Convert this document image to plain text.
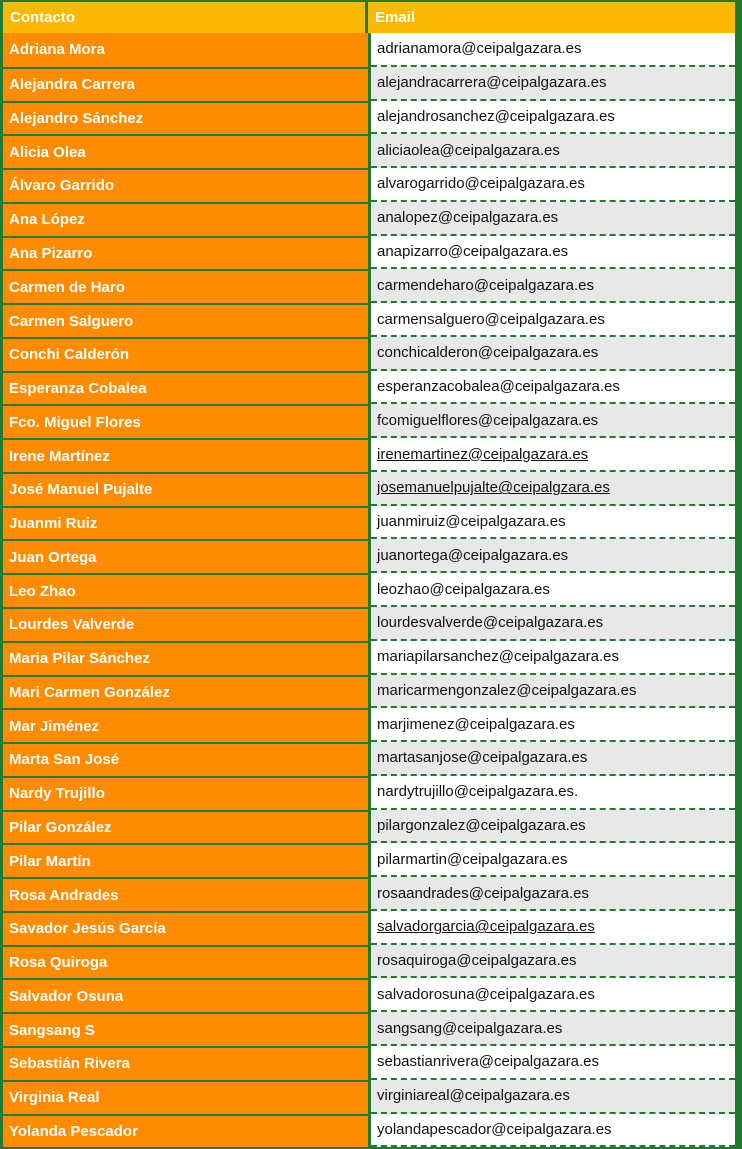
Contacto	Email
Adriana Mora	adrianamora@ceipalgazara.es
Alejandra Carrera	alejandracarrera@ceipalgazara.es
Alejandro Sánchez	alejandrosanchez@ceipalgazara.es
Alicia Olea	aliciaolea@ceipalgazara.es
Álvaro Garrido	alvarogarrido@ceipalgazara.es
Ana López	analopez@ceipalgazara.es
Ana Pizarro	anapizarro@ceipalgazara.es
Carmen de Haro	carmendeharo@ceipalgazara.es
Carmen Salguero	carmensalguero@ceipalgazara.es
Conchi Calderón	conchicalderon@ceipalgazara.es
Esperanza Cobalea	esperanzacobalea@ceipalgazara.es
Fco. Miguel Flores	fcomiguelflores@ceipalgazara.es
Irene Martínez	irenemartinez@ceipalgazara.es
José Manuel Pujalte	josemanuelpujalte@ceipalgzara.es
Juanmi Ruiz	juanmiruiz@ceipalgazara.es
Juan Ortega	juanortega@ceipalgazara.es
Leo Zhao	leozhao@ceipalgazara.es
Lourdes Valverde	lourdesvalverde@ceipalgazara.es
Maria Pilar Sánchez	mariapilarsanchez@ceipalgazara.es
Mari Carmen González	maricarmengonzalez@ceipalgazara.es
Mar Jiménez	marjimenez@ceipalgazara.es
Marta San José	martasanjose@ceipalgazara.es
Nardy Trujillo	nardytrujillo@ceipalgazara.es.
Pilar González	pilargonzalez@ceipalgazara.es
Pilar Martín	pilarmartin@ceipalgazara.es
Rosa Andrades	rosaandrades@ceipalgazara.es
Savador Jesús García	salvadorgarcia@ceipalgazara.es
Rosa Quiroga	rosaquiroga@ceipalgazara.es
Salvador Osuna	salvadorosuna@ceipalgazara.es
Sangsang S	sangsang@ceipalgazara.es
Sebastián Rivera	sebastianrivera@ceipalgazara.es
Virginia Real	virginiareal@ceipalgazara.es
Yolanda Pescador	yolandapescador@ceipalgazara.es
